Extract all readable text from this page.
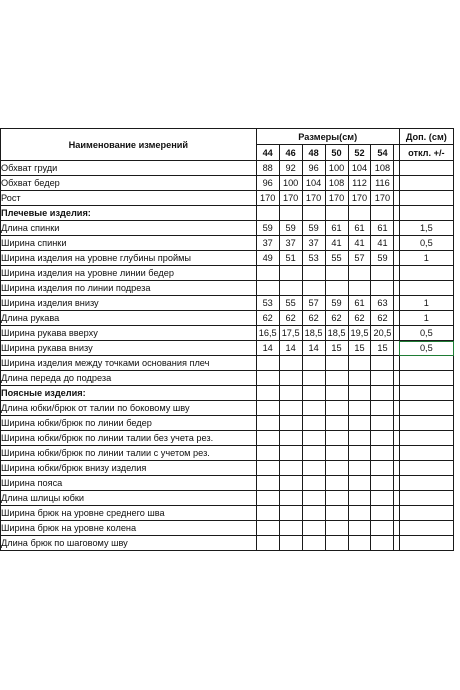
Наименование измерений	Размеры(см)							Доп. (см)
	44	46	48	50	52	54		откл. +/-
Обхват груди	88	92	96	100	104	108		
Обхват бедер	96	100	104	108	112	116		
Рост	170	170	170	170	170	170		
Плечевые изделия:								
Длина спинки	59	59	59	61	61	61		1,5
Ширина спинки	37	37	37	41	41	41		0,5
Ширина изделия на уровне глубины проймы	49	51	53	55	57	59		1
Ширина изделия на уровне линии бедер								
Ширина изделия по линии подреза								
Ширина изделия внизу	53	55	57	59	61	63		1
Длина рукава	62	62	62	62	62	62		1
Ширина рукава вверху	16,5	17,5	18,5	18,5	19,5	20,5		0,5
Ширина рукава внизу	14	14	14	15	15	15		0,5
Ширина изделия между точками основания плеч								
Длина переда до подреза								
Поясные изделия:								
Длина юбки/брюк от талии по боковому шву								
Ширина юбки/брюк по линии бедер								
Ширина юбки/брюк по линии талии без учета рез.								
Ширина юбки/брюк по линии талии с учетом рез.								
Ширина юбки/брюк внизу изделия								
Ширина пояса								
Длина шлицы юбки								
Ширина брюк на уровне среднего шва								
Ширина брюк на уровне колена								
Длина брюк по шаговому шву								
